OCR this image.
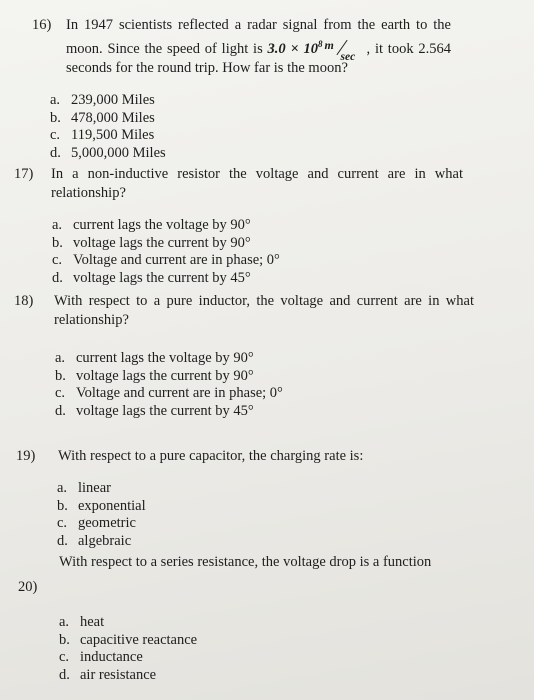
16) In 1947 scientists reflected a radar signal from the earth to the moon. Since the speed of light is $3.0 \times 10^8$ m
sec , it took 2.564 seconds for the round trip. How far is the moon?
a. 239,000 Miles
b. 478,000 Miles
c. 119,500 Miles
d. 5,000,000 Miles
17) In a non-inductive resistor the voltage and current are in what relationship?
a. current lags the voltage by 90°
b. voltage lags the current by 90°
c. Voltage and current are in phase; 0°
d. voltage lags the current by 45°
18) With respect to a pure inductor, the voltage and current are in what relationship?
a. current lags the voltage by 90°
b. voltage lags the current by 90°
c. Voltage and current are in phase; 0°
d. voltage lags the current by 45°
19) With respect to a pure capacitor, the charging rate is:
a. linear
b. exponential
c. geometric
d. algebraic
20)
With respect to a series resistance, the voltage drop is a function
a. heat
b. capacitive reactance
c. inductance
d. air resistance
